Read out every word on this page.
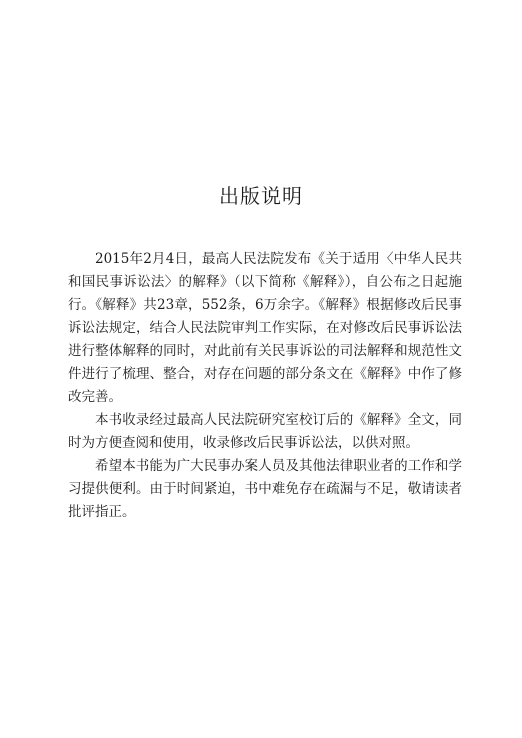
出版说明

2015年2月4日，最高人民法院发布《关于适用〈中华人民共和国民事诉讼法〉的解释》（以下简称《解释》），自公布之日起施行。《解释》共23章，552条，6万余字。《解释》根据修改后民事诉讼法规定，结合人民法院审判工作实际，在对修改后民事诉讼法进行整体解释的同时，对此前有关民事诉讼的司法解释和规范性文件进行了梳理、整合，对存在问题的部分条文在《解释》中作了修改完善。

本书收录经过最高人民法院研究室校订后的《解释》全文，同时为方便查阅和使用，收录修改后民事诉讼法，以供对照。

希望本书能为广大民事办案人员及其他法律职业者的工作和学习提供便利。由于时间紧迫，书中难免存在疏漏与不足，敬请读者批评指正。
